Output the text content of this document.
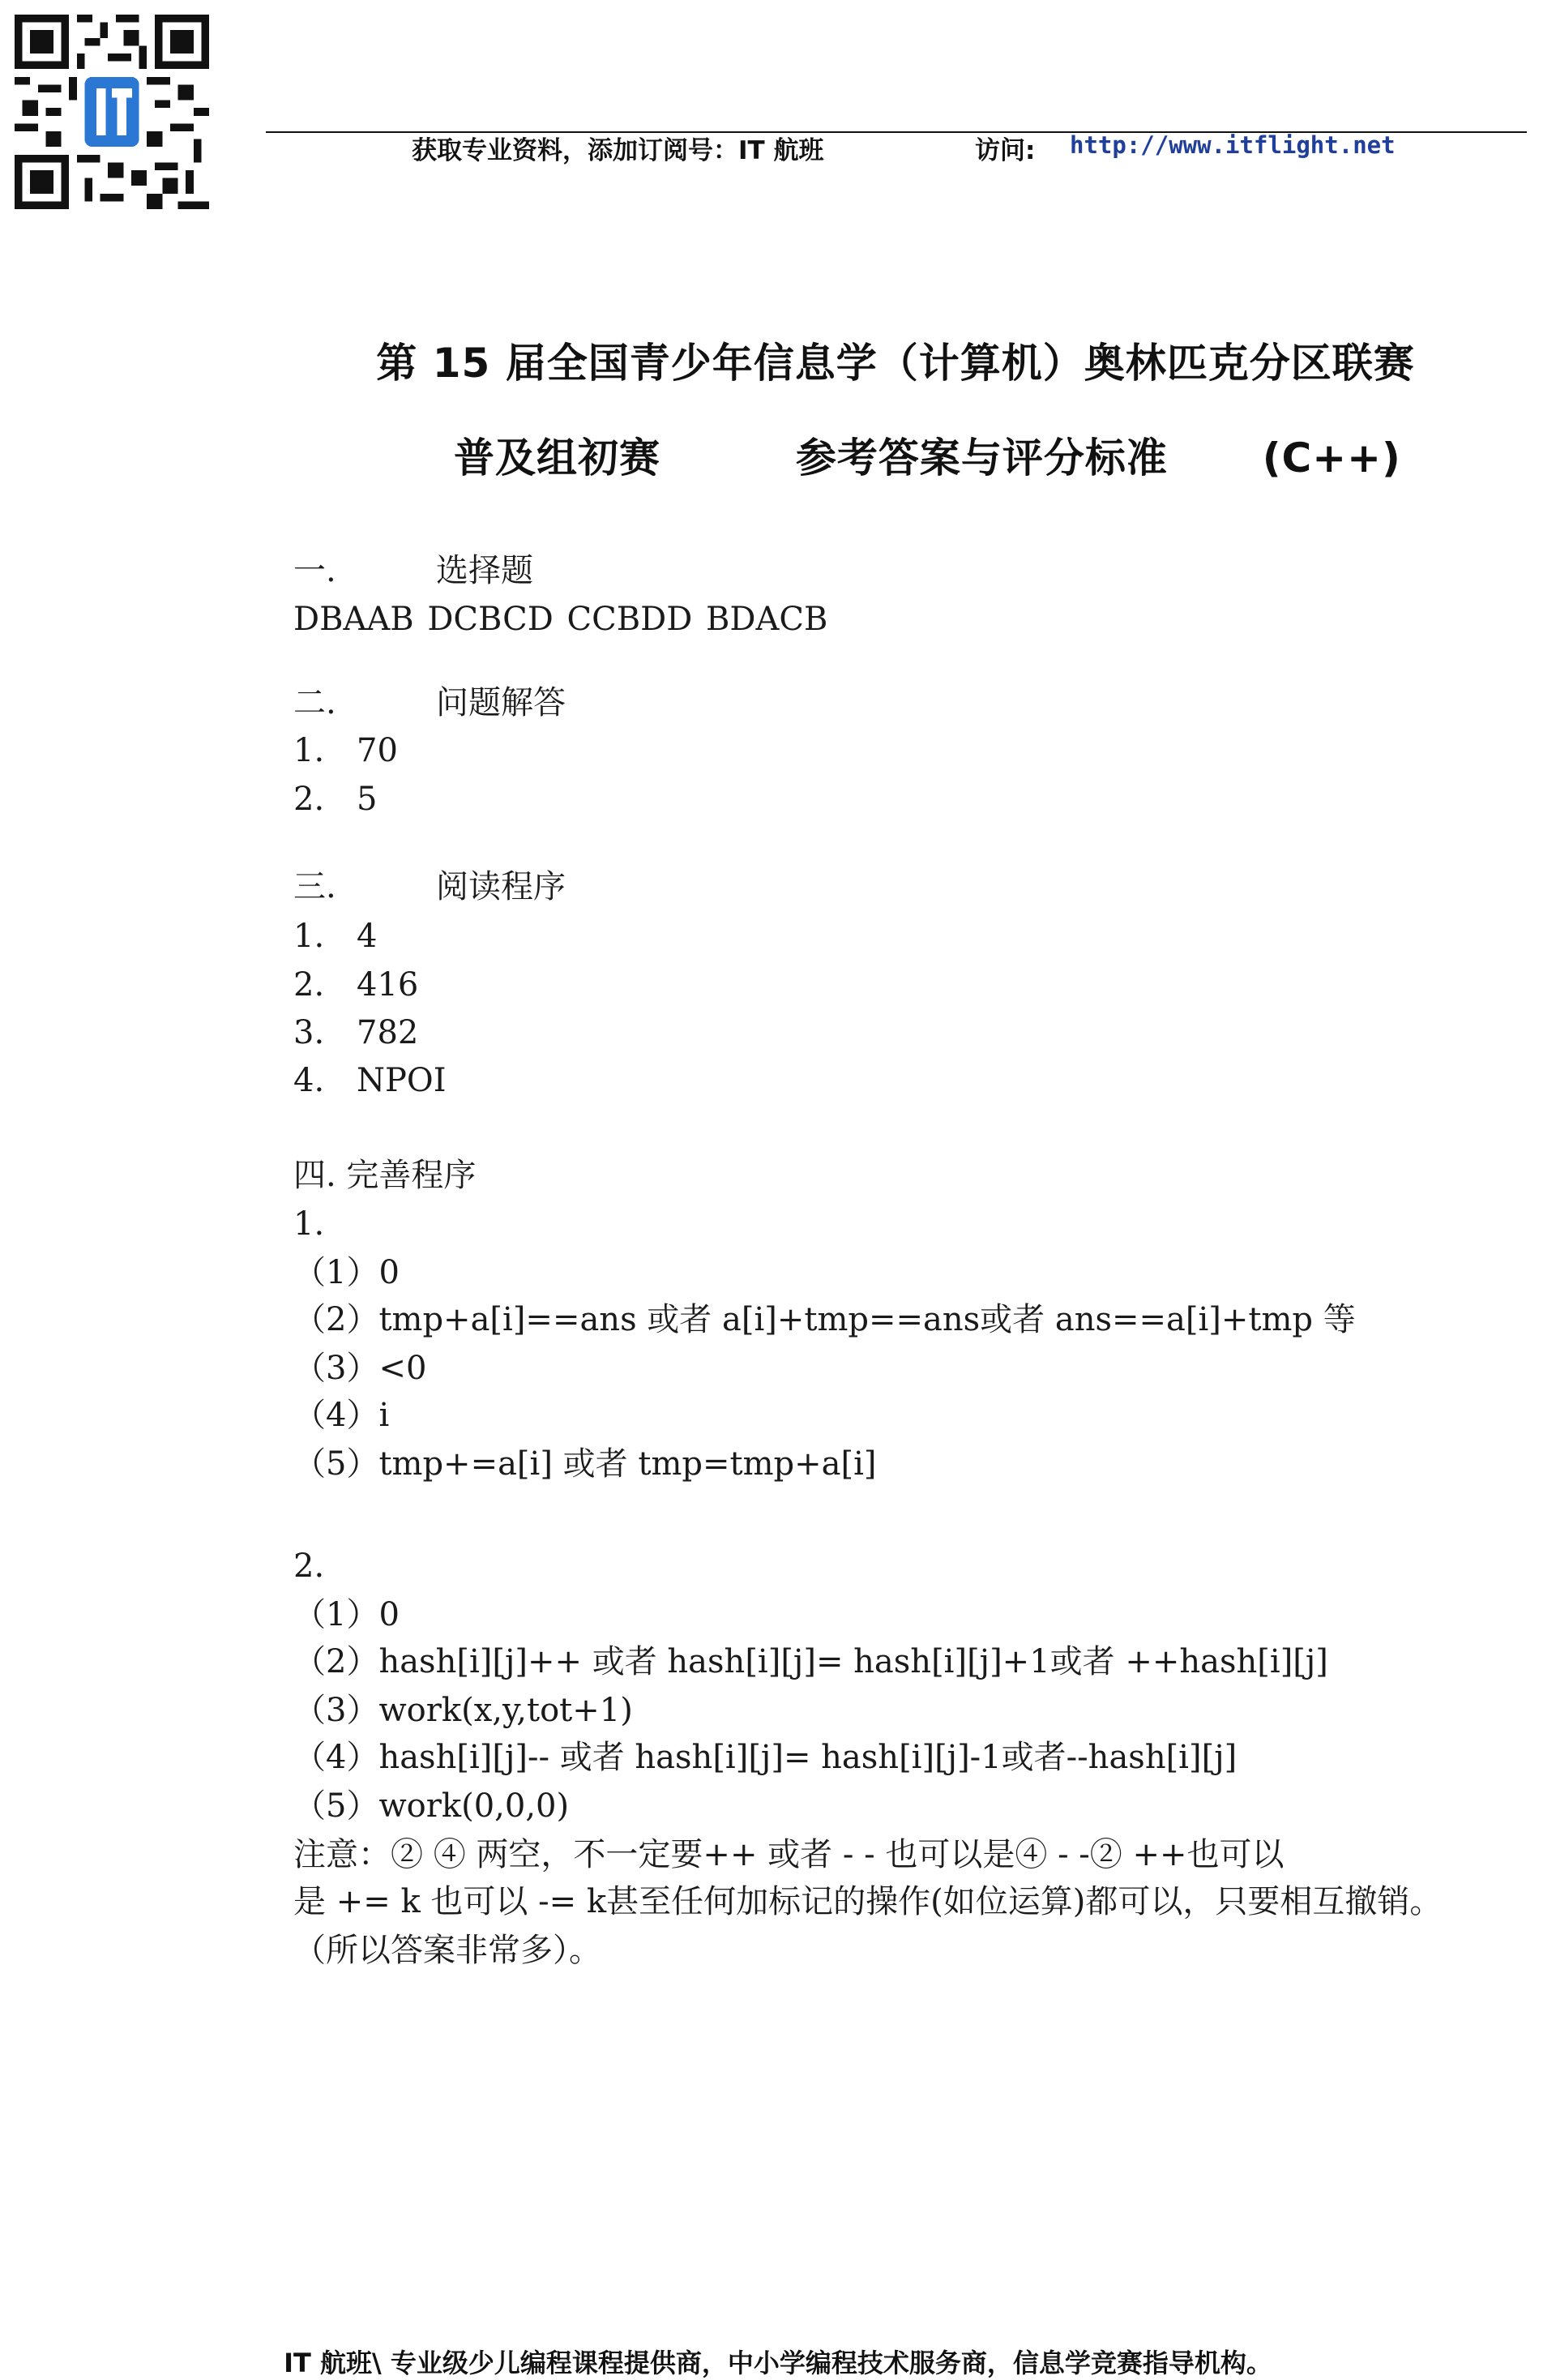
获取专业资料，添加订阅号：IT 航班	访问: http://www.itflight.net
第 15 届全国青少年信息学（计算机）奥林匹克分区联赛
普及组初赛	参考答案与评分标准 (C++)
一.	选择题
DBAAB DCBCD CCBDD BDACB
二.	问题解答
1. 70
2. 5
三.	阅读程序
1. 4
2. 416
3. 782
4. NPOI
四. 完善程序
1.
（1）0
（2）tmp+a[i]==ans 或者 a[i]+tmp==ans或者 ans==a[i]+tmp 等
（3）<0
（4）i
（5）tmp+=a[i] 或者 tmp=tmp+a[i]
2.
（1）0
（2）hash[i][j]++ 或者 hash[i][j]= hash[i][j]+1或者 ++hash[i][j]
（3）work(x,y,tot+1)
（4）hash[i][j]-- 或者 hash[i][j]= hash[i][j]-1或者--hash[i][j]
（5）work(0,0,0)
注意：② ④ 两空，不一定要++ 或者 - - 也可以是④ - -② ++也可以
是 += k 也可以 -= k甚至任何加标记的操作(如位运算)都可以，只要相互撤销。
（所以答案非常多）。
IT 航班\ 专业级少儿编程课程提供商，中小学编程技术服务商，信息学竞赛指导机构。
